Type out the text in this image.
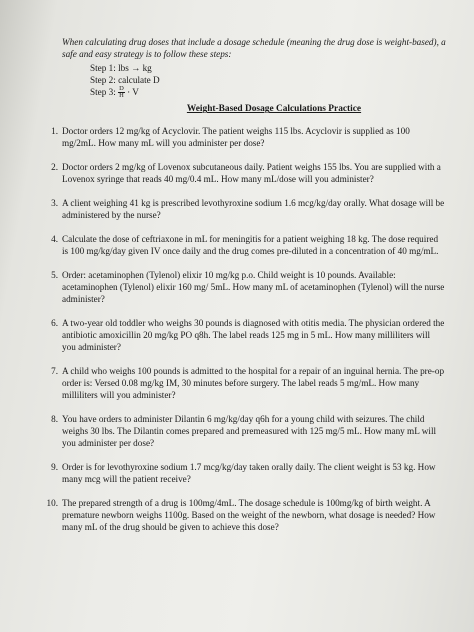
When calculating drug doses that include a dosage schedule (meaning the drug dose is weight-based), a safe and easy strategy is to follow these steps:

Step 1: lbs → kg
Step 2: calculate D
Step 3: $\frac{D}{H} \cdot V$
Weight-Based Dosage Calculations Practice
1. Doctor orders 12 mg/kg of Acyclovir. The patient weighs 115 lbs. Acyclovir is supplied as 100 mg/2mL. How many mL will you administer per dose?
2. Doctor orders 2 mg/kg of Lovenox subcutaneous daily. Patient weighs 155 lbs. You are supplied with a Lovenox syringe that reads 40 mg/0.4 mL. How many mL/dose will you administer?
3. A client weighing 41 kg is prescribed levothyroxine sodium 1.6 mcg/kg/day orally. What dosage will be administered by the nurse?
4. Calculate the dose of ceftriaxone in mL for meningitis for a patient weighing 18 kg. The dose required is 100 mg/kg/day given IV once daily and the drug comes pre-diluted in a concentration of 40 mg/mL.
5. Order: acetaminophen (Tylenol) elixir 10 mg/kg p.o. Child weight is 10 pounds. Available: acetaminophen (Tylenol) elixir 160 mg/ 5mL. How many mL of acetaminophen (Tylenol) will the nurse administer?
6. A two-year old toddler who weighs 30 pounds is diagnosed with otitis media. The physician ordered the antibiotic amoxicillin 20 mg/kg PO q8h. The label reads 125 mg in 5 mL. How many milliliters will you administer?
7. A child who weighs 100 pounds is admitted to the hospital for a repair of an inguinal hernia. The pre-op order is: Versed 0.08 mg/kg IM, 30 minutes before surgery. The label reads 5 mg/mL. How many milliliters will you administer?
8. You have orders to administer Dilantin 6 mg/kg/day q6h for a young child with seizures. The child weighs 30 lbs. The Dilantin comes prepared and premeasured with 125 mg/5 mL. How many mL will you administer per dose?
9. Order is for levothyroxine sodium 1.7 mcg/kg/day taken orally daily. The client weight is 53 kg. How many mcg will the patient receive?
10. The prepared strength of a drug is 100mg/4mL. The dosage schedule is 100mg/kg of birth weight. A premature newborn weighs 1100g. Based on the weight of the newborn, what dosage is needed? How many mL of the drug should be given to achieve this dose?
